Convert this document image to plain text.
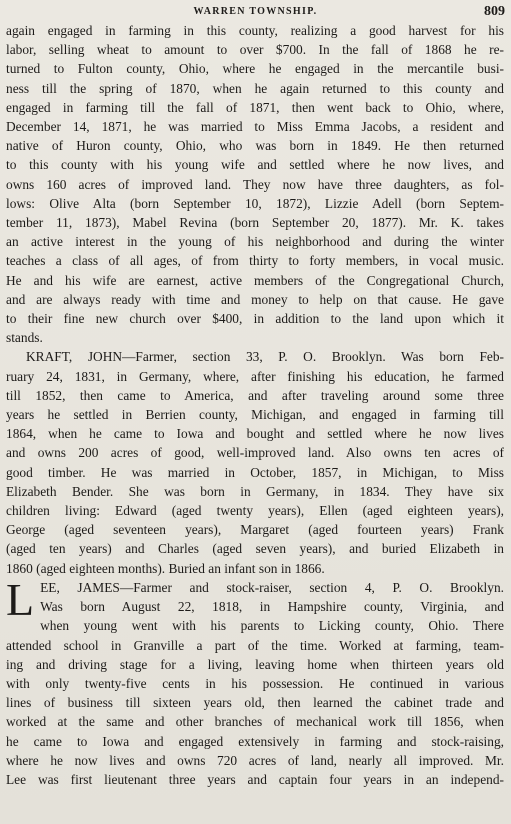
WARREN TOWNSHIP.	809
again engaged in farming in this county, realizing a good harvest for his
labor, selling wheat to amount to over $700. In the fall of 1868 he re-
turned to Fulton county, Ohio, where he engaged in the mercantile busi-
ness till the spring of 1870, when he again returned to this county and
engaged in farming till the fall of 1871, then went back to Ohio, where,
December 14, 1871, he was married to Miss Emma Jacobs, a resident and
native of Huron county, Ohio, who was born in 1849. He then returned
to this county with his young wife and settled where he now lives, and
owns 160 acres of improved land. They now have three daughters, as fol-
lows: Olive Alta (born September 10, 1872), Lizzie Adell (born Septem-
tember 11, 1873), Mabel Revina (born September 20, 1877). Mr. K. takes
an active interest in the young of his neighborhood and during the winter
teaches a class of all ages, of from thirty to forty members, in vocal music.
He and his wife are earnest, active members of the Congregational Church,
and are always ready with time and money to help on that cause. He gave
to their fine new church over $400, in addition to the land upon which it
stands.
KRAFT, JOHN—Farmer, section 33, P. O. Brooklyn. Was born Feb-
ruary 24, 1831, in Germany, where, after finishing his education, he farmed
till 1852, then came to America, and after traveling around some three
years he settled in Berrien county, Michigan, and engaged in farming till
1864, when he came to Iowa and bought and settled where he now lives
and owns 200 acres of good, well-improved land. Also owns ten acres of
good timber. He was married in October, 1857, in Michigan, to Miss
Elizabeth Bender. She was born in Germany, in 1834. They have six
children living: Edward (aged twenty years), Ellen (aged eighteen years),
George (aged seventeen years), Margaret (aged fourteen years) Frank
(aged ten years) and Charles (aged seven years), and buried Elizabeth in
1860 (aged eighteen months). Buried an infant son in 1866.
L EE, JAMES—Farmer and stock-raiser, section 4, P. O. Brooklyn.
Was born August 22, 1818, in Hampshire county, Virginia, and
when young went with his parents to Licking county, Ohio. There
attended school in Granville a part of the time. Worked at farming, team-
ing and driving stage for a living, leaving home when thirteen years old
with only twenty-five cents in his possession. He continued in various
lines of business till sixteen years old, then learned the cabinet trade and
worked at the same and other branches of mechanical work till 1856, when
he came to Iowa and engaged extensively in farming and stock-raising,
where he now lives and owns 720 acres of land, nearly all improved. Mr.
Lee was first lieutenant three years and captain four years in an independ-
